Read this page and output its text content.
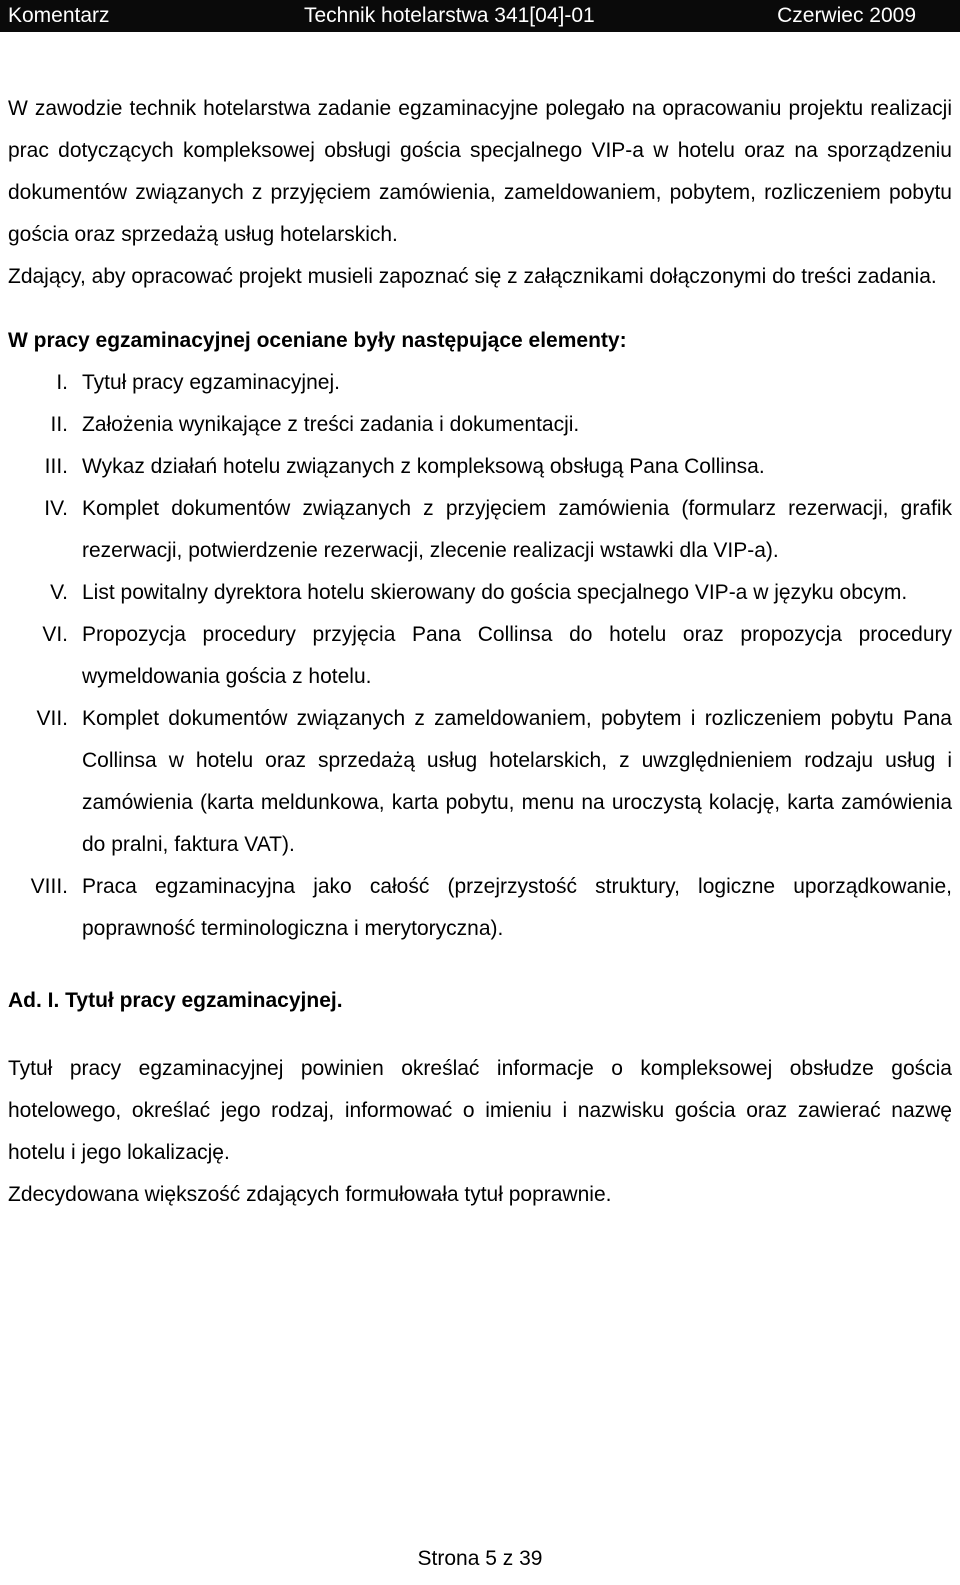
Komentarz	Technik hotelarstwa 341[04]-01	Czerwiec 2009

W zawodzie technik hotelarstwa zadanie egzaminacyjne polegało na opracowaniu projektu realizacji prac dotyczących kompleksowej obsługi gościa specjalnego VIP-a w hotelu oraz na sporządzeniu dokumentów związanych z przyjęciem zamówienia, zameldowaniem, pobytem, rozliczeniem pobytu gościa oraz sprzedażą usług hotelarskich.

Zdający, aby opracować projekt musieli zapoznać się z załącznikami dołączonymi do treści zadania.

W pracy egzaminacyjnej oceniane były następujące elementy:

I. Tytuł pracy egzaminacyjnej.
II. Założenia wynikające z treści zadania i dokumentacji.
III. Wykaz działań hotelu związanych z kompleksową obsługą Pana Collinsa.
IV. Komplet dokumentów związanych z przyjęciem zamówienia (formularz rezerwacji, grafik rezerwacji, potwierdzenie rezerwacji, zlecenie realizacji wstawki dla VIP-a).
V. List powitalny dyrektora hotelu skierowany do gościa specjalnego VIP-a w języku obcym.
VI. Propozycja procedury przyjęcia Pana Collinsa do hotelu oraz propozycja procedury wymeldowania gościa z hotelu.
VII. Komplet dokumentów związanych z zameldowaniem, pobytem i rozliczeniem pobytu Pana Collinsa w hotelu oraz sprzedażą usług hotelarskich, z uwzględnieniem rodzaju usług i zamówienia (karta meldunkowa, karta pobytu, menu na uroczystą kolację, karta zamówienia do pralni, faktura VAT).
VIII. Praca egzaminacyjna jako całość (przejrzystość struktury, logiczne uporządkowanie, poprawność terminologiczna i merytoryczna).

Ad. I. Tytuł pracy egzaminacyjnej.

Tytuł pracy egzaminacyjnej powinien określać informacje o kompleksowej obsłudze gościa hotelowego, określać jego rodzaj, informować o imieniu i nazwisku gościa oraz zawierać nazwę hotelu i jego lokalizację.

Zdecydowana większość zdających formułowała tytuł poprawnie.

Strona 5 z 39
